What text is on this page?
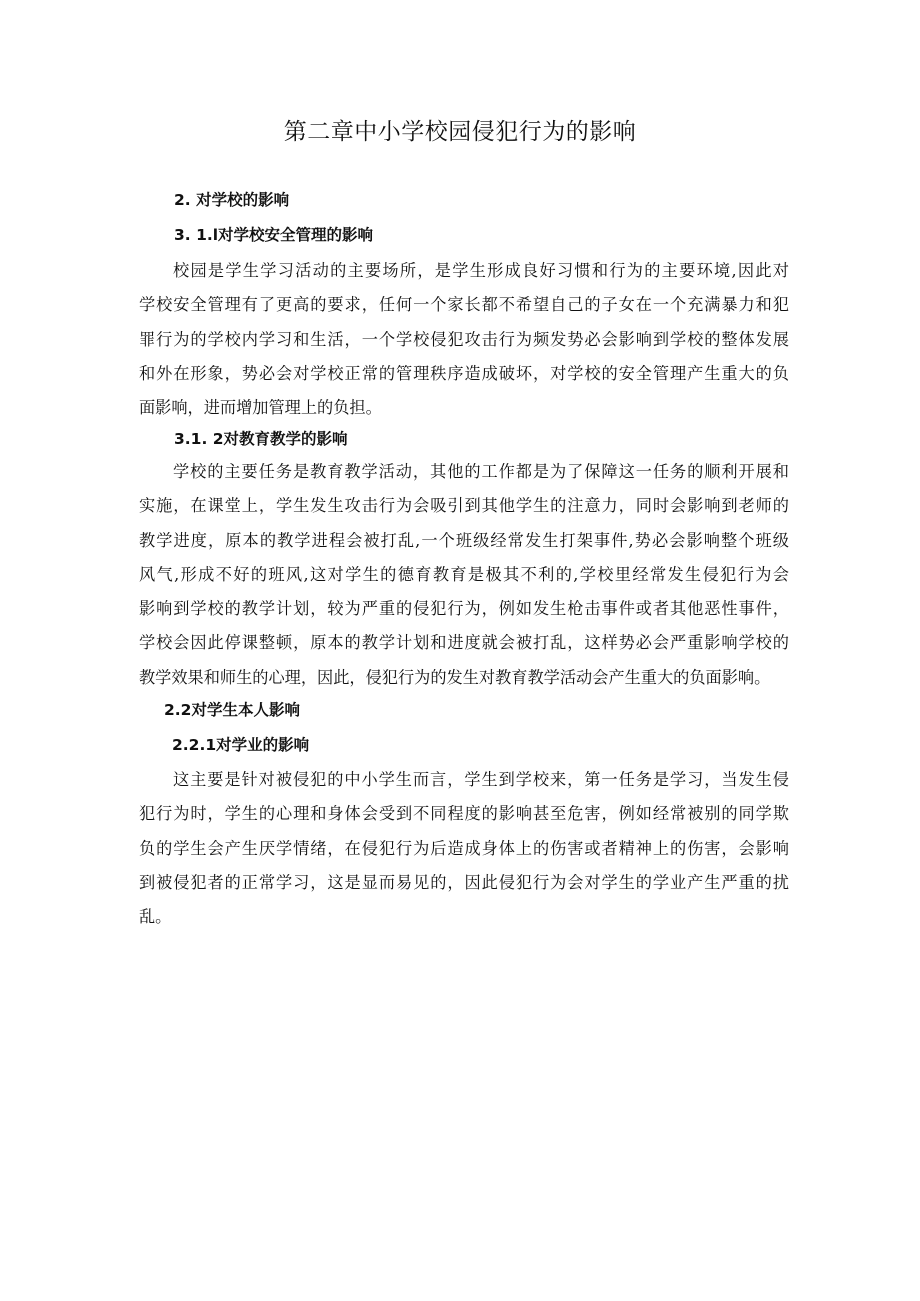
第二章中小学校园侵犯行为的影响
2. 对学校的影响
3. 1.l对学校安全管理的影响
校园是学生学习活动的主要场所，是学生形成良好习惯和行为的主要环境,因此对
学校安全管理有了更高的要求，任何一个家长都不希望自己的子女在一个充满暴力和犯
罪行为的学校内学习和生活，一个学校侵犯攻击行为频发势必会影响到学校的整体发展
和外在形象，势必会对学校正常的管理秩序造成破坏，对学校的安全管理产生重大的负
面影响，进而增加管理上的负担。
3.1. 2对教育教学的影响
学校的主要任务是教育教学活动，其他的工作都是为了保障这一任务的顺利开展和
实施，在课堂上，学生发生攻击行为会吸引到其他学生的注意力，同时会影响到老师的
教学进度，原本的教学进程会被打乱,一个班级经常发生打架事件,势必会影响整个班级
风气,形成不好的班风,这对学生的德育教育是极其不利的,学校里经常发生侵犯行为会
影响到学校的教学计划，较为严重的侵犯行为，例如发生枪击事件或者其他恶性事件，
学校会因此停课整顿，原本的教学计划和进度就会被打乱，这样势必会严重影响学校的
教学效果和师生的心理，因此，侵犯行为的发生对教育教学活动会产生重大的负面影响。
2.2对学生本人影响
2.2.1对学业的影响
这主要是针对被侵犯的中小学生而言，学生到学校来，第一任务是学习，当发生侵
犯行为时，学生的心理和身体会受到不同程度的影响甚至危害，例如经常被别的同学欺
负的学生会产生厌学情绪，在侵犯行为后造成身体上的伤害或者精神上的伤害，会影响
到被侵犯者的正常学习，这是显而易见的，因此侵犯行为会对学生的学业产生严重的扰
乱。
